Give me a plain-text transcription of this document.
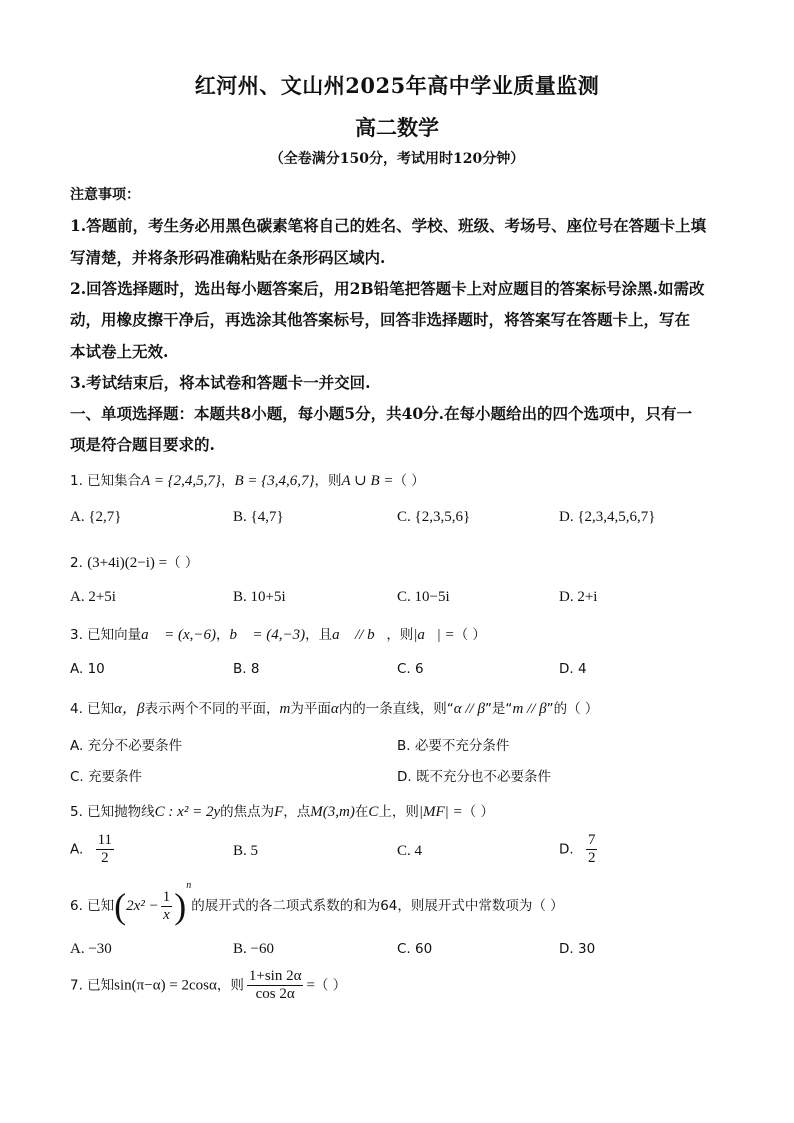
红河州、文山州2025年高中学业质量监测
高二数学
（全卷满分150分，考试用时120分钟）
注意事项：
1.答题前，考生务必用黑色碳素笔将自己的姓名、学校、班级、考场号、座位号在答题卡上填
写清楚，并将条形码准确粘贴在条形码区域内.
2.回答选择题时，选出每小题答案后，用2B铅笔把答题卡上对应题目的答案标号涂黑.如需改
动，用橡皮擦干净后，再选涂其他答案标号，回答非选择题时，将答案写在答题卡上，写在
本试卷上无效.
3.考试结束后，将本试卷和答题卡一并交回.
一、单项选择题：本题共8小题，每小题5分，共40分.在每小题给出的四个选项中，只有一
项是符合题目要求的.
1. 已知集合A = {2,4,5,7}，B = {3,4,6,7}，则A ∪ B =（ ）
A. {2,7}	B. {4,7}	C. {2,3,5,6}	D. {2,3,4,5,6,7}
2. (3+4i)(2−i) =（ ）
A. 2+5i	B. 10+5i	C. 10−5i	D. 2+i
3. 已知向量a⃗ = (x,−6)，b⃗ = (4,−3)，且a⃗ // b⃗，则|a⃗| =（ ）
A. 10	B. 8	C. 6	D. 4
4. 已知α，β表示两个不同的平面，m为平面α内的一条直线，则“α // β”是“m // β”的（ ）
A. 充分不必要条件	B. 必要不充分条件
C. 充要条件	D. 既不充分也不必要条件
5. 已知抛物线C : x² = 2y的焦点为F，点M(3,m)在C上，则|MF| =（ ）
A. $\frac{11}{2}$	B. 5	C. 4	D. $\frac{7}{2}$
6. 已知$(2x^2 - \frac{1}{x} )^n$的展开式的各二项式系数的和为64，则展开式中常数项为（ ）
A. −30	B. −60	C. 60	D. 30
7. 已知sin(π−α) = 2cosα，则 $\frac{1+\sin 2\alpha}{\cos 2\alpha}$ =（ ）
